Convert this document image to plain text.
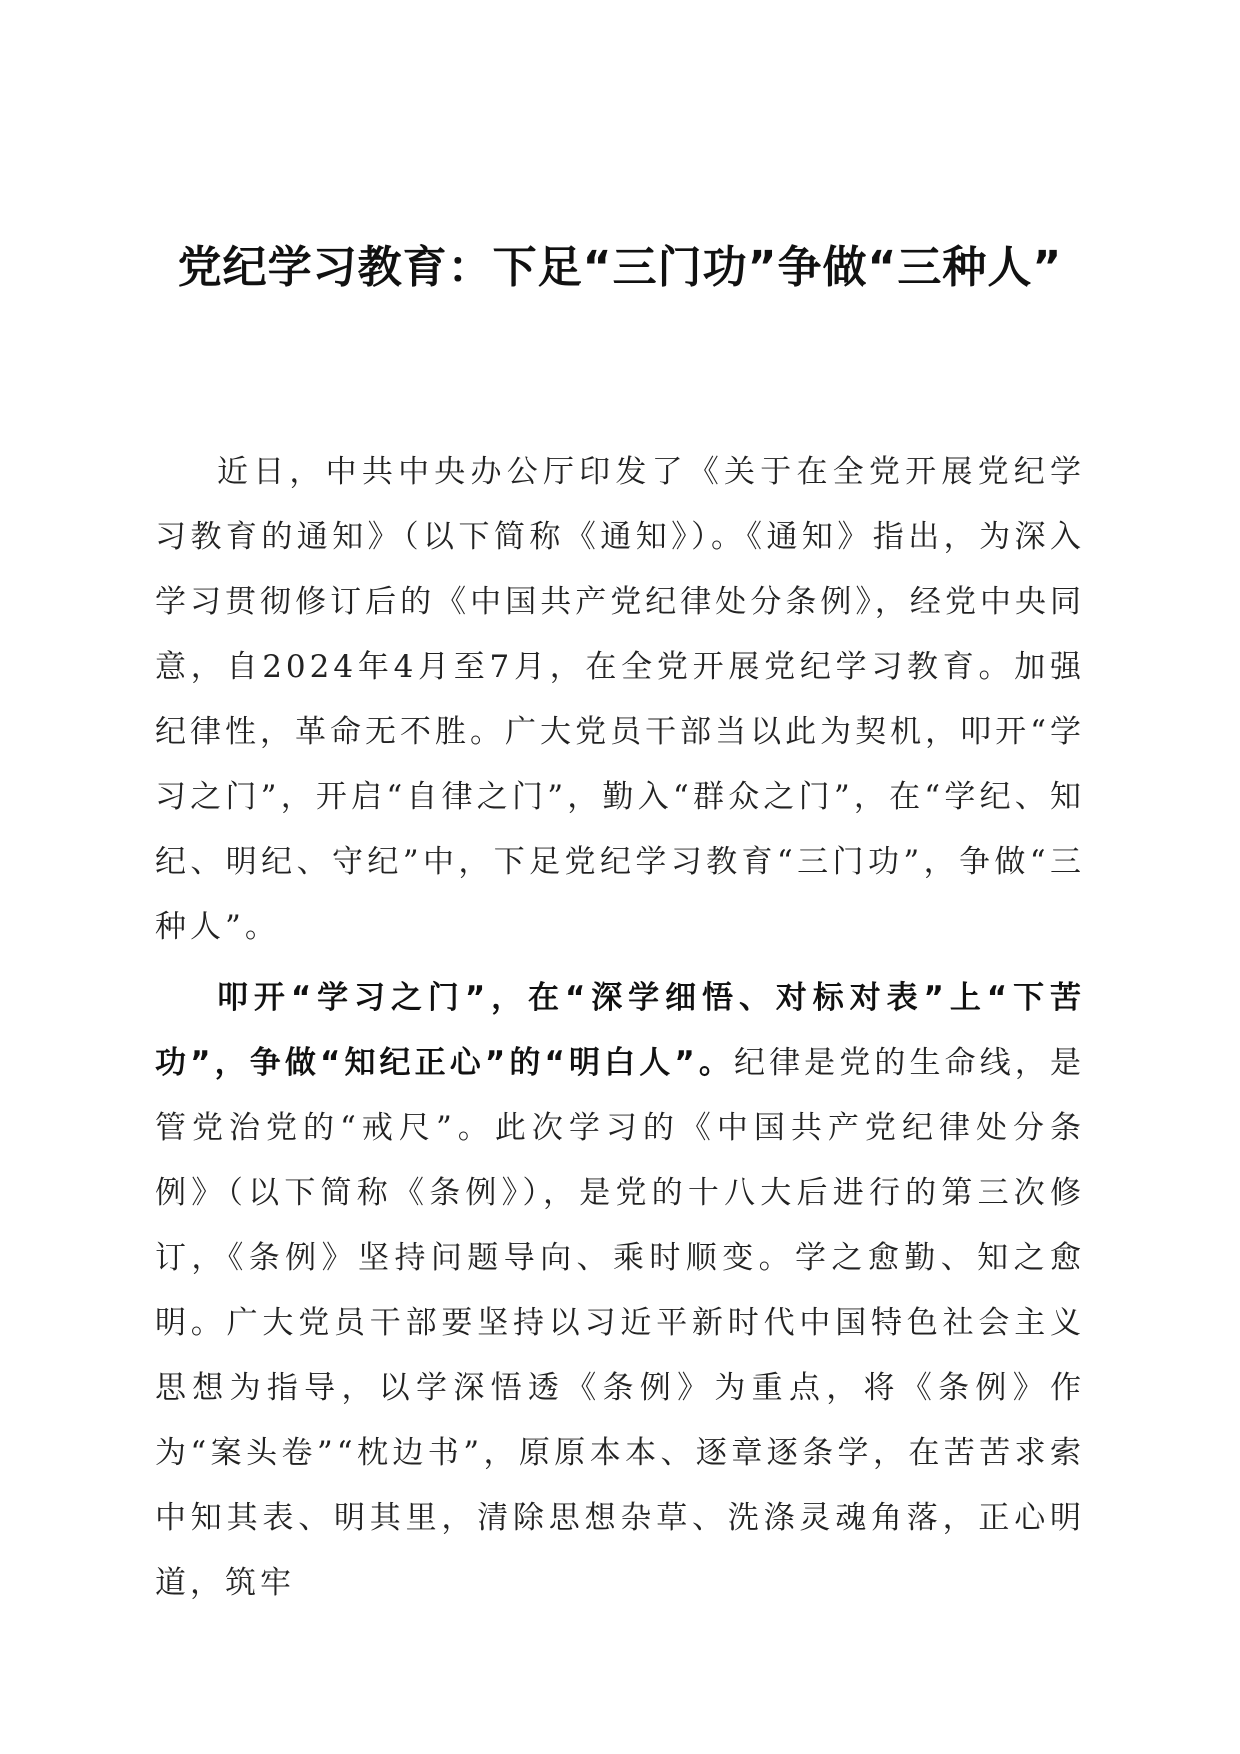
党纪学习教育：下足“三门功”争做“三种人”

近日，中共中央办公厅印发了《关于在全党开展党纪学习教育的通知》（以下简称《通知》）。《通知》指出，为深入学习贯彻修订后的《中国共产党纪律处分条例》，经党中央同意，自2024年4月至7月，在全党开展党纪学习教育。加强纪律性，革命无不胜。广大党员干部当以此为契机，叩开“学习之门”，开启“自律之门”，勤入“群众之门”，在“学纪、知纪、明纪、守纪”中，下足党纪学习教育“三门功”，争做“三种人”。

叩开“学习之门”，在“深学细悟、对标对表”上“下苦功”，争做“知纪正心”的“明白人”。纪律是党的生命线，是管党治党的“戒尺”。此次学习的《中国共产党纪律处分条例》（以下简称《条例》），是党的十八大后进行的第三次修订，《条例》坚持问题导向、乘时顺变。学之愈勤、知之愈明。广大党员干部要坚持以习近平新时代中国特色社会主义思想为指导，以学深悟透《条例》为重点，将《条例》作为“案头卷”“枕边书”，原原本本、逐章逐条学，在苦苦求索中知其表、明其里，清除思想杂草、洗涤灵魂角落，正心明道，筑牢
